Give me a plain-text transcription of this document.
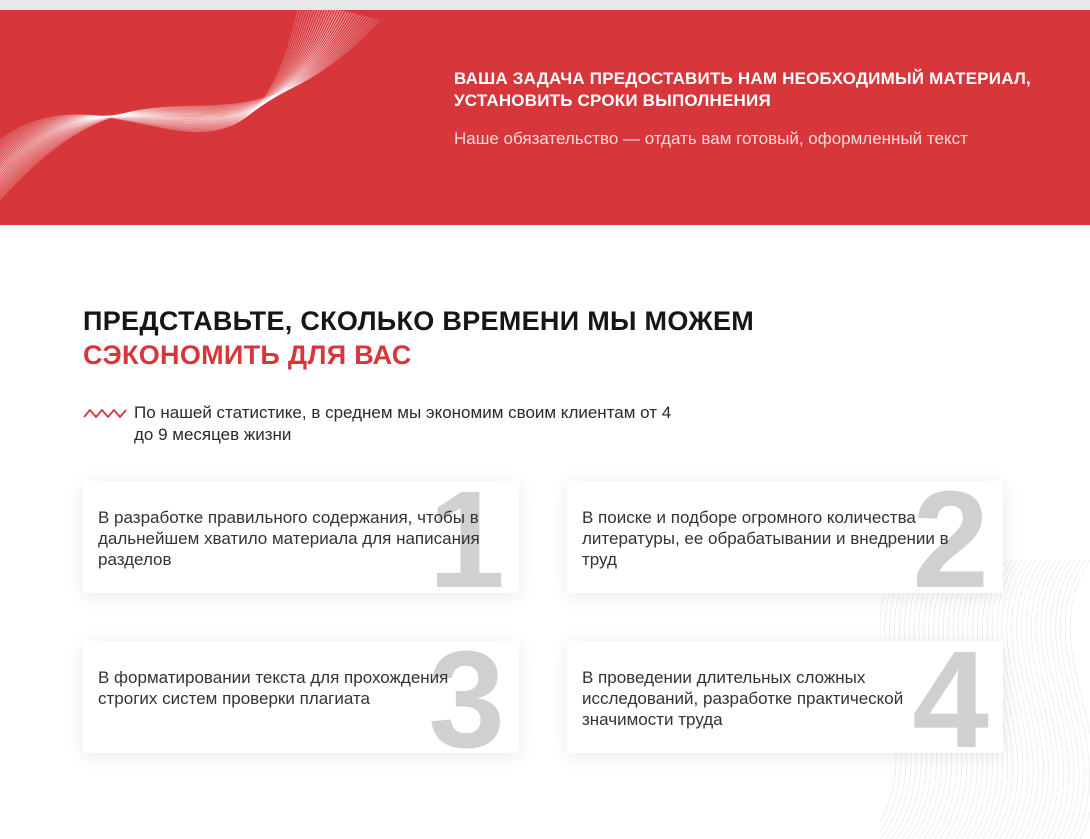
ВАША ЗАДАЧА ПРЕДОСТАВИТЬ НАМ НЕОБХОДИМЫЙ МАТЕРИАЛ, УСТАНОВИТЬ СРОКИ ВЫПОЛНЕНИЯ
Наше обязательство — отдать вам готовый, оформленный текст
ПРЕДСТАВЬТЕ, СКОЛЬКО ВРЕМЕНИ МЫ МОЖЕМ
СЭКОНОМИТЬ ДЛЯ ВАС
По нашей статистике, в среднем мы экономим своим клиентам от 4 до 9 месяцев жизни
1
В разработке правильного содержания, чтобы в дальнейшем хватило материала для написания разделов	2
В поиске и подборе огромного количества литературы, ее обрабатывании и внедрении в труд
3
В форматировании текста для прохождения строгих систем проверки плагиата	4
В проведении длительных сложных исследований, разработке практической значимости труда
